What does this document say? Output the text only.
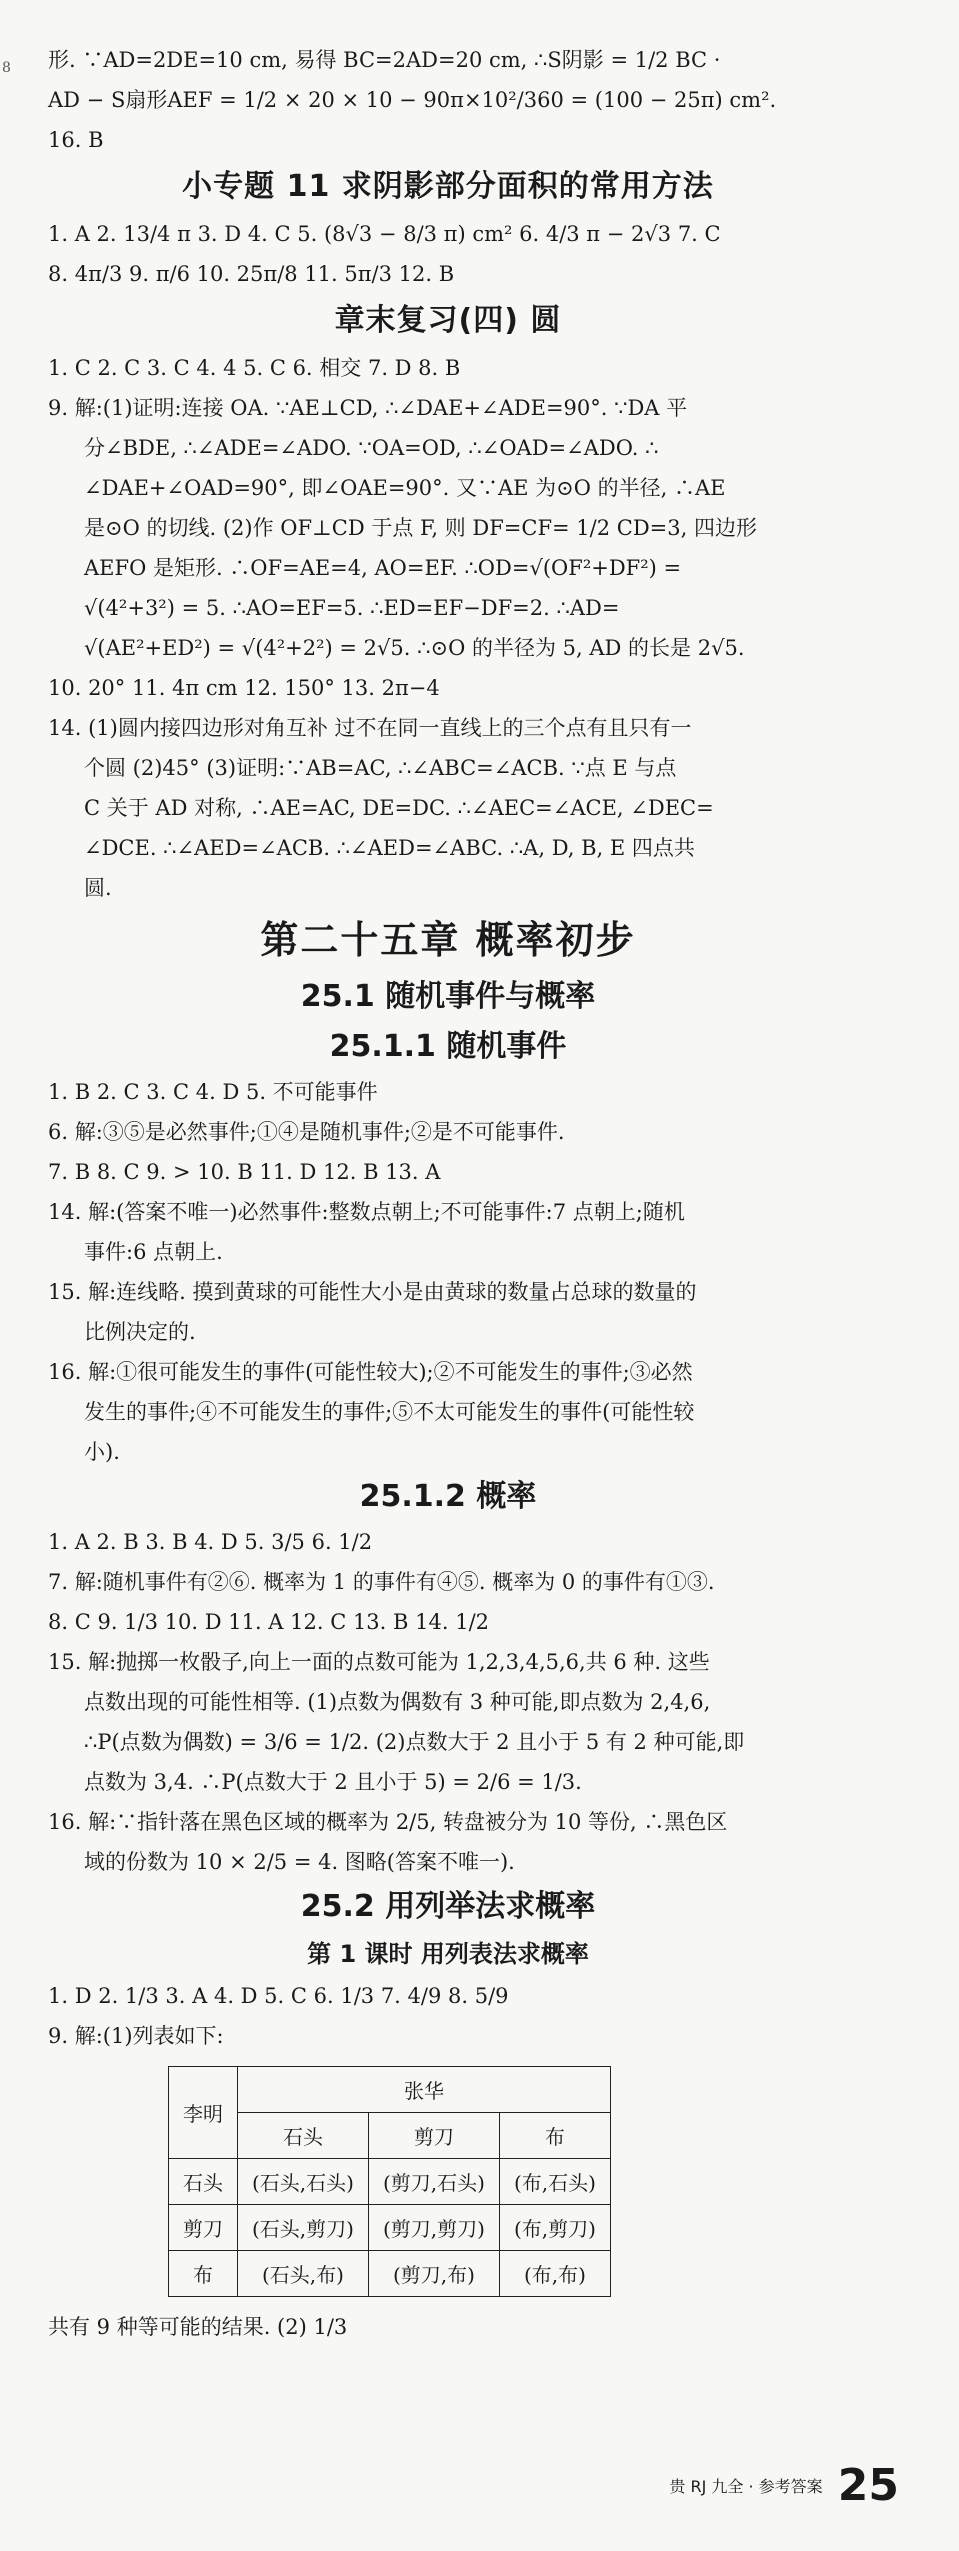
8 形. ∵AD=2DE=10 cm, 易得 BC=2AD=20 cm, ∴S阴影 = 1/2 BC ·
AD − S扇形AEF = 1/2 × 20 × 10 − 90π×10²/360 = (100 − 25π) cm².
16. B
小专题 11 求阴影部分面积的常用方法
1. A 2. 13/4 π 3. D 4. C 5. (8√3 − 8/3 π) cm² 6. 4/3 π − 2√3 7. C
8. 4π/3 9. π/6 10. 25π/8 11. 5π/3 12. B
章末复习(四) 圆
1. C 2. C 3. C 4. 4 5. C 6. 相交 7. D 8. B
9. 解:(1)证明:连接 OA. ∵AE⊥CD, ∴∠DAE+∠ADE=90°. ∵DA 平
分∠BDE, ∴∠ADE=∠ADO. ∵OA=OD, ∴∠OAD=∠ADO. ∴
∠DAE+∠OAD=90°, 即∠OAE=90°. 又∵AE 为⊙O 的半径, ∴AE
是⊙O 的切线. (2)作 OF⊥CD 于点 F, 则 DF=CF= 1/2 CD=3, 四边形
AEFO 是矩形. ∴OF=AE=4, AO=EF. ∴OD=√(OF²+DF²) =
√(4²+3²) = 5. ∴AO=EF=5. ∴ED=EF−DF=2. ∴AD=
√(AE²+ED²) = √(4²+2²) = 2√5. ∴⊙O 的半径为 5, AD 的长是 2√5.
10. 20° 11. 4π cm 12. 150° 13. 2π−4
14. (1)圆内接四边形对角互补 过不在同一直线上的三个点有且只有一
个圆 (2)45° (3)证明:∵AB=AC, ∴∠ABC=∠ACB. ∵点 E 与点
C 关于 AD 对称, ∴AE=AC, DE=DC. ∴∠AEC=∠ACE, ∠DEC=
∠DCE. ∴∠AED=∠ACB. ∴∠AED=∠ABC. ∴A, D, B, E 四点共
圆.
第二十五章 概率初步
25.1 随机事件与概率
25.1.1 随机事件
1. B 2. C 3. C 4. D 5. 不可能事件
6. 解:③⑤是必然事件;①④是随机事件;②是不可能事件.
7. B 8. C 9. > 10. B 11. D 12. B 13. A
14. 解:(答案不唯一)必然事件:整数点朝上;不可能事件:7 点朝上;随机
事件:6 点朝上.
15. 解:连线略. 摸到黄球的可能性大小是由黄球的数量占总球的数量的
比例决定的.
16. 解:①很可能发生的事件(可能性较大);②不可能发生的事件;③必然
发生的事件;④不可能发生的事件;⑤不太可能发生的事件(可能性较
小).
25.1.2 概率
1. A 2. B 3. B 4. D 5. 3/5 6. 1/2
7. 解:随机事件有②⑥. 概率为 1 的事件有④⑤. 概率为 0 的事件有①③.
8. C 9. 1/3 10. D 11. A 12. C 13. B 14. 1/2
15. 解:抛掷一枚骰子,向上一面的点数可能为 1,2,3,4,5,6,共 6 种. 这些
点数出现的可能性相等. (1)点数为偶数有 3 种可能,即点数为 2,4,6,
∴P(点数为偶数) = 3/6 = 1/2. (2)点数大于 2 且小于 5 有 2 种可能,即
点数为 3,4. ∴P(点数大于 2 且小于 5) = 2/6 = 1/3.
16. 解:∵指针落在黑色区域的概率为 2/5, 转盘被分为 10 等份, ∴黑色区
域的份数为 10 × 2/5 = 4. 图略(答案不唯一).
25.2 用列举法求概率
第 1 课时 用列表法求概率
1. D 2. 1/3 3. A 4. D 5. C 6. 1/3 7. 4/9 8. 5/9
9. 解:(1)列表如下:
李明	张华		
	石头	剪刀	布
石头	(石头,石头)	(剪刀,石头)	(布,石头)
剪刀	(石头,剪刀)	(剪刀,剪刀)	(布,剪刀)
布	(石头,布)	(剪刀,布)	(布,布)
共有 9 种等可能的结果. (2) 1/3
贵 RJ 九全 · 参考答案 25
